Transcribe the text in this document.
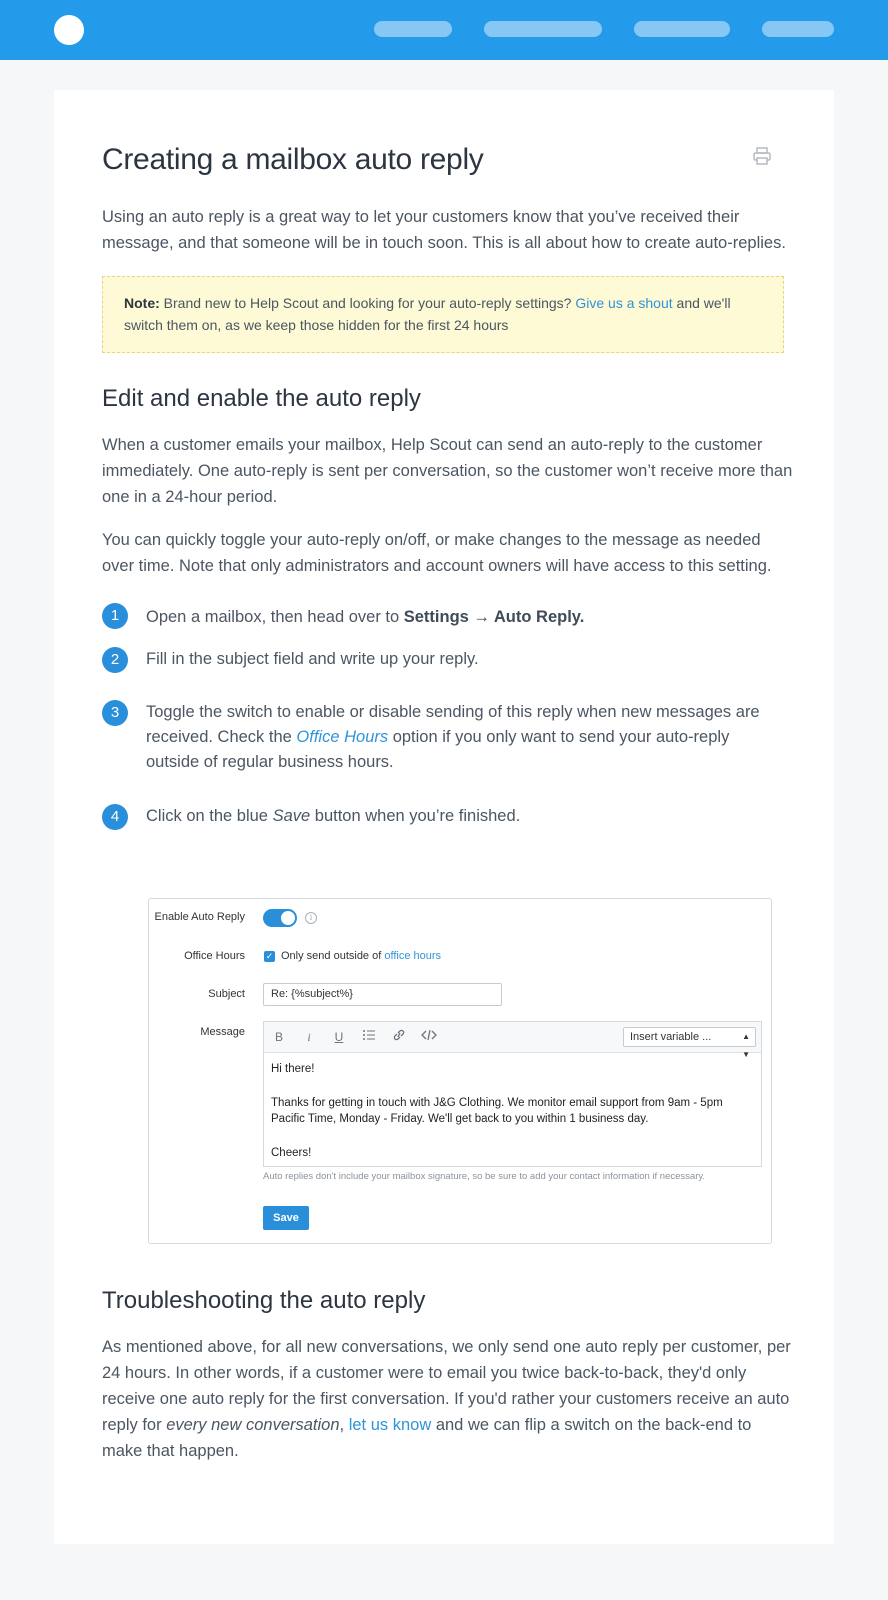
Creating a mailbox auto reply

Using an auto reply is a great way to let your customers know that you’ve received their message, and that someone will be in touch soon. This is all about how to create auto-replies.

Note: Brand new to Help Scout and looking for your auto-reply settings? Give us a shout and we'll switch them on, as we keep those hidden for the first 24 hours
Edit and enable the auto reply

When a customer emails your mailbox, Help Scout can send an auto-reply to the customer immediately. One auto-reply is sent per conversation, so the customer won’t receive more than one in a 24-hour period.

You can quickly toggle your auto-reply on/off, or make changes to the message as needed over time. Note that only administrators and account owners will have access to this setting.

1	Open a mailbox, then head over to Settings → Auto Reply.
2	Fill in the subject field and write up your reply.
3	Toggle the switch to enable or disable sending of this reply when new messages are received. Check the Office Hours option if you only want to send your auto-reply outside of regular business hours.
4	Click on the blue Save button when you’re finished.
Enable Auto Reply	i
Office Hours ✓ Only send outside of office hours
Subject	Re: {%subject%}
Message	B	i	U	Insert variable ...	▲
▼
Hi there!
Thanks for getting in touch with J&G Clothing. We monitor email support from 9am - 5pm Pacific Time, Monday - Friday. We'll get back to you within 1 business day.
Cheers!
Auto replies don't include your mailbox signature, so be sure to add your contact information if necessary.
Save
Troubleshooting the auto reply

As mentioned above, for all new conversations, we only send one auto reply per customer, per 24 hours. In other words, if a customer were to email you twice back-to-back, they'd only receive one auto reply for the first conversation. If you'd rather your customers receive an auto reply for every new conversation, let us know and we can flip a switch on the back-end to make that happen.
